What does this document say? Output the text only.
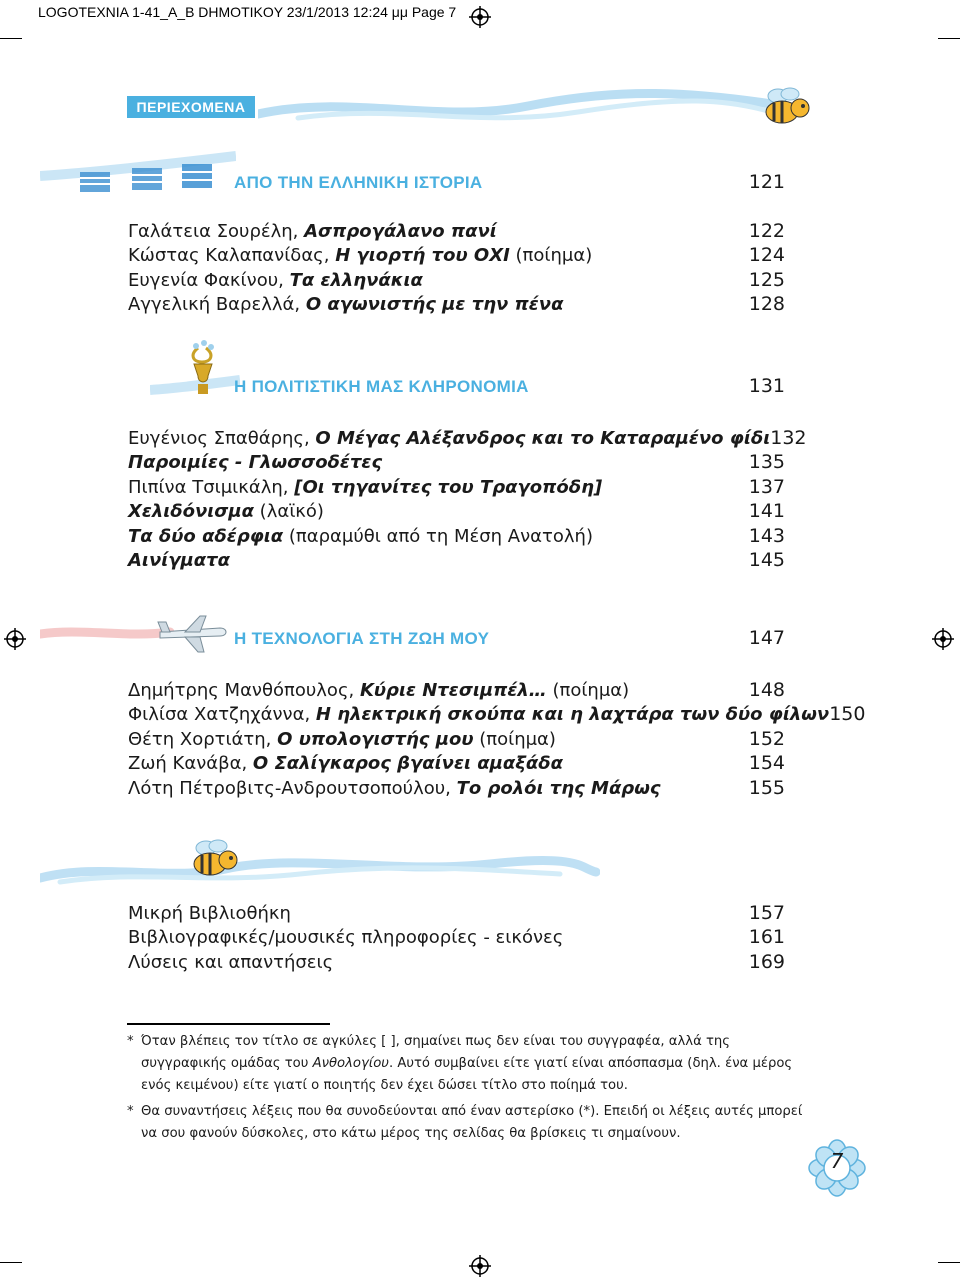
LOGOTEXNIA 1-41_A_B DHMOTIKOY 23/1/2013 12:24 μμ Page 7
ΠΕΡΙΕΧΟΜΕΝΑ
ΑΠΟ ΤΗΝ ΕΛΛΗΝΙΚΗ ΙΣΤΟΡΙΑ	121
Γαλάτεια Σουρέλη, Ασπρογάλανο πανί	122
Κώστας Καλαπανίδας, Η γιορτή του ΟΧΙ (ποίημα)	124
Ευγενία Φακίνου, Τα ελληνάκια	125
Αγγελική Βαρελλά, Ο αγωνιστής με την πένα	128
Η ΠΟΛΙΤΙΣΤΙΚΗ ΜΑΣ ΚΛΗΡΟΝΟΜΙΑ	131
Ευγένιος Σπαθάρης, Ο Μέγας Αλέξανδρος και το Καταραμένο φίδι 132
Παροιμίες - Γλωσσοδέτες	135
Πιπίνα Τσιμικάλη, [Οι τηγανίτες του Τραγοπόδη]	137
Χελιδόνισμα (λαϊκό)	141
Τα δύο αδέρφια (παραμύθι από τη Μέση Ανατολή)	143
Αινίγματα	145
Η ΤΕΧΝΟΛΟΓΙΑ ΣΤΗ ΖΩΗ ΜΟΥ	147
Δημήτρης Μανθόπουλος, Κύριε Ντεσιμπέλ… (ποίημα)	148
Φιλίσα Χατζηχάννα, Η ηλεκτρική σκούπα και η λαχτάρα των δύο φίλων 150
Θέτη Χορτιάτη, Ο υπολογιστής μου (ποίημα)	152
Ζωή Κανάβα, Ο Σαλίγκαρος βγαίνει αμαξάδα	154
Λότη Πέτροβιτς-Ανδρουτσοπούλου, Το ρολόι της Μάρως	155
Μικρή Βιβλιοθήκη	157
Βιβλιογραφικές/μουσικές πληροφορίες - εικόνες	161
Λύσεις και απαντήσεις	169

* Όταν βλέπεις τον τίτλο σε αγκύλες [ ], σημαίνει πως δεν είναι του συγγραφέα, αλλά της συγγραφικής ομάδας του Ανθολογίου. Αυτό συμβαίνει είτε γιατί είναι απόσπασμα (δηλ. ένα μέρος ενός κειμένου) είτε γιατί ο ποιητής δεν έχει δώσει τίτλο στο ποίημά του.

* Θα συναντήσεις λέξεις που θα συνοδεύονται από έναν αστερίσκο (*). Επειδή οι λέξεις αυτές μπορεί να σου φανούν δύσκολες, στο κάτω μέρος της σελίδας θα βρίσκεις τι σημαίνουν.

7
